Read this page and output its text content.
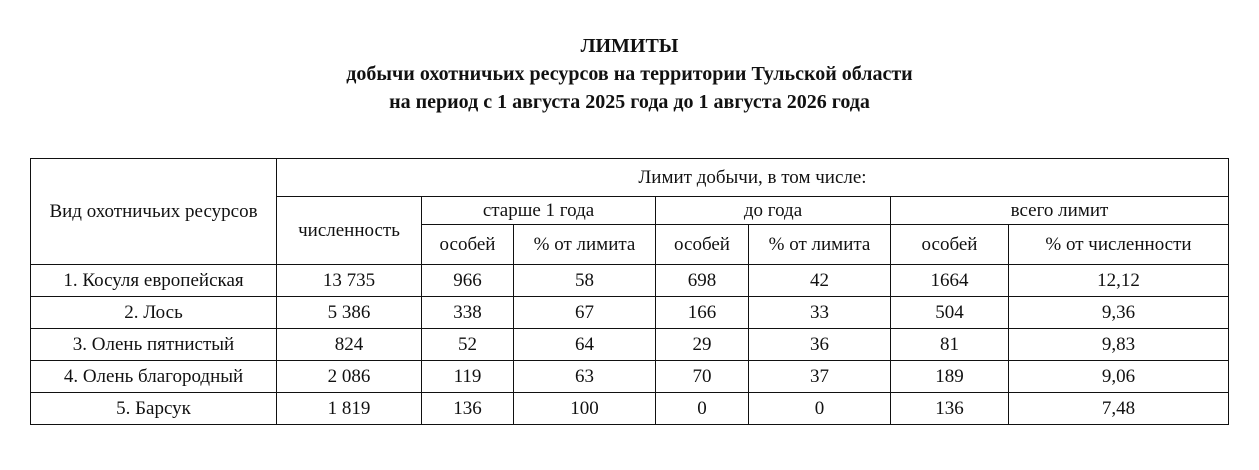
ЛИМИТЫ
добычи охотничьих ресурсов на территории Тульской области
на период с 1 августа 2025 года до 1 августа 2026 года
Вид охотничьих ресурсов	Лимит добычи, в том числе:						
	численность	старше 1 года		до года		всего лимит	
		особей	% от лимита	особей	% от лимита	особей	% от численности
1. Косуля европейская	13 735	966	58	698	42	1664	12,12
2. Лось	5 386	338	67	166	33	504	9,36
3. Олень пятнистый	824	52	64	29	36	81	9,83
4. Олень благородный	2 086	119	63	70	37	189	9,06
5. Барсук	1 819	136	100	0	0	136	7,48
